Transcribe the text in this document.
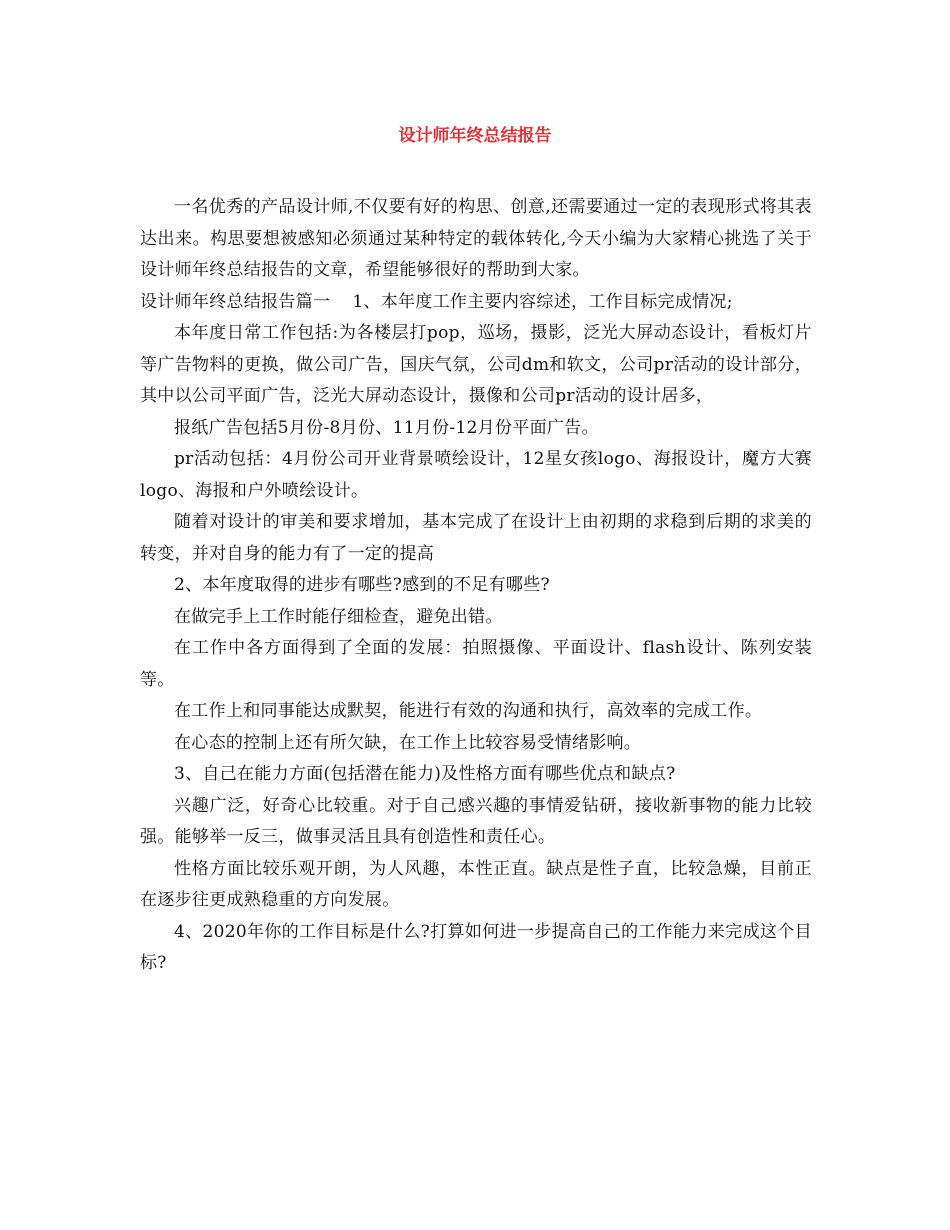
设计师年终总结报告

一名优秀的产品设计师,不仅要有好的构思、创意,还需要通过一定的表现形式将其表达出来。构思要想被感知必须通过某种特定的载体转化,今天小编为大家精心挑选了关于设计师年终总结报告的文章，希望能够很好的帮助到大家。

设计师年终总结报告篇一 1、本年度工作主要内容综述，工作目标完成情况;

本年度日常工作包括:为各楼层打pop，巡场，摄影，泛光大屏动态设计，看板灯片等广告物料的更换，做公司广告，国庆气氛，公司dm和软文，公司pr活动的设计部分，其中以公司平面广告，泛光大屏动态设计，摄像和公司pr活动的设计居多，

报纸广告包括5月份-8月份、11月份-12月份平面广告。

pr活动包括：4月份公司开业背景喷绘设计，12星女孩logo、海报设计，魔方大赛logo、海报和户外喷绘设计。

随着对设计的审美和要求增加，基本完成了在设计上由初期的求稳到后期的求美的转变，并对自身的能力有了一定的提高

2、本年度取得的进步有哪些?感到的不足有哪些?

在做完手上工作时能仔细检查，避免出错。

在工作中各方面得到了全面的发展：拍照摄像、平面设计、flash设计、陈列安装等。

在工作上和同事能达成默契，能进行有效的沟通和执行，高效率的完成工作。

在心态的控制上还有所欠缺，在工作上比较容易受情绪影响。

3、自己在能力方面(包括潜在能力)及性格方面有哪些优点和缺点?

兴趣广泛，好奇心比较重。对于自己感兴趣的事情爱钻研，接收新事物的能力比较强。能够举一反三，做事灵活且具有创造性和责任心。

性格方面比较乐观开朗，为人风趣，本性正直。缺点是性子直，比较急燥，目前正在逐步往更成熟稳重的方向发展。

4、2020年你的工作目标是什么?打算如何进一步提高自己的工作能力来完成这个目标?
